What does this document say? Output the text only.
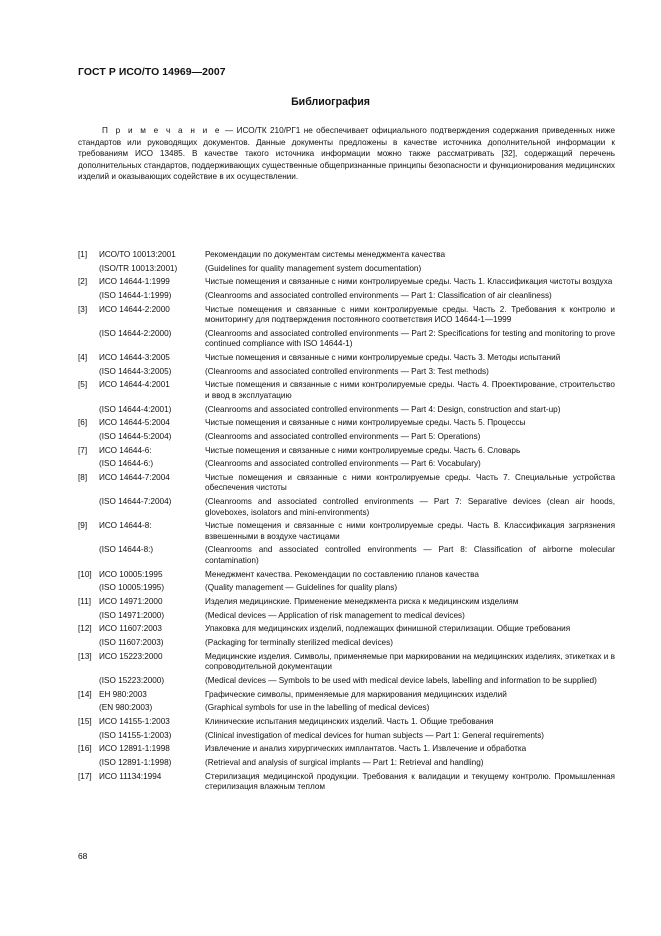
ГОСТ Р ИСО/ТО 14969—2007
Библиография
П р и м е ч а н и е — ИСО/ТК 210/РГ1 не обеспечивает официального подтверждения содержания приведенных ниже стандартов или руководящих документов. Данные документы предложены в качестве источника дополнительной информации к требованиям ИСО 13485. В качестве такого источника информации можно также рассматривать [32], содержащий перечень дополнительных стандартов, поддерживающих существенные общепризнанные принципы безопасности и функционирования медицинских изделий и оказывающих содействие в их осуществлении.
[1]	ИСО/ТО 10013:2001	Рекомендации по документам системы менеджмента качества
(ISO/TR 10013:2001)	(Guidelines for quality management system documentation)
[2]	ИСО 14644-1:1999	Чистые помещения и связанные с ними контролируемые среды. Часть 1. Классификация чистоты воздуха
(ISO 14644-1:1999)	(Cleanrooms and associated controlled environments — Part 1: Classification of air cleanliness)
[3]	ИСО 14644-2:2000	Чистые помещения и связанные с ними контролируемые среды. Часть 2. Требования к контролю и мониторингу для подтверждения постоянного соответствия ИСО 14644-1—1999
(ISO 14644-2:2000)	(Cleanrooms and associated controlled environments — Part 2: Specifications for testing and monitoring to prove continued compliance with ISO 14644-1)
[4]	ИСО 14644-3:2005	Чистые помещения и связанные с ними контролируемые среды. Часть 3. Методы испытаний
(ISO 14644-3:2005)	(Cleanrooms and associated controlled environments — Part 3: Test methods)
[5]	ИСО 14644-4:2001	Чистые помещения и связанные с ними контролируемые среды. Часть 4. Проектирование, строительство и ввод в эксплуатацию
(ISO 14644-4:2001)	(Cleanrooms and associated controlled environments — Part 4: Design, construction and start-up)
[6]	ИСО 14644-5:2004	Чистые помещения и связанные с ними контролируемые среды. Часть 5. Процессы
(ISO 14644-5:2004)	(Cleanrooms and associated controlled environments — Part 5: Operations)
[7]	ИСО 14644-6:	Чистые помещения и связанные с ними контролируемые среды. Часть 6. Словарь
(ISO 14644-6:)	(Cleanrooms and associated controlled environments — Part 6: Vocabulary)
[8]	ИСО 14644-7:2004	Чистые помещения и связанные с ними контролируемые среды. Часть 7. Специальные устройства обеспечения чистоты
(ISO 14644-7:2004)	(Cleanrooms and associated controlled environments — Part 7: Separative devices (clean air hoods, gloveboxes, isolators and mini-environments)
[9]	ИСО 14644-8:	Чистые помещения и связанные с ними контролируемые среды. Часть 8. Классификация загрязнения взвешенными в воздухе частицами
(ISO 14644-8:)	(Cleanrooms and associated controlled environments — Part 8: Classification of airborne molecular contamination)
[10] ИСО 10005:1995	Менеджмент качества. Рекомендации по составлению планов качества
(ISO 10005:1995)	(Quality management — Guidelines for quality plans)
[11] ИСО 14971:2000	Изделия медицинские. Применение менеджмента риска к медицинским изделиям
(ISO 14971:2000)	(Medical devices — Application of risk management to medical devices)
[12] ИСО 11607:2003	Упаковка для медицинских изделий, подлежащих финишной стерилизации. Общие требования
(ISO 11607:2003)	(Packaging for terminally sterilized medical devices)
[13] ИСО 15223:2000	Медицинские изделия. Символы, применяемые при маркировании на медицинских изделиях, этикетках и в сопроводительной документации
(ISO 15223:2000)	(Medical devices — Symbols to be used with medical device labels, labelling and information to be supplied)
[14] ЕН 980:2003	Графические символы, применяемые для маркирования медицинских изделий
(EN 980:2003)	(Graphical symbols for use in the labelling of medical devices)
[15] ИСО 14155-1:2003	Клинические испытания медицинских изделий. Часть 1. Общие требования
(ISO 14155-1:2003)	(Clinical investigation of medical devices for human subjects — Part 1: General requirements)
[16] ИСО 12891-1:1998	Извлечение и анализ хирургических имплантатов. Часть 1. Извлечение и обработка
(ISO 12891-1:1998)	(Retrieval and analysis of surgical implants — Part 1: Retrieval and handling)
[17] ИСО 11134:1994	Стерилизация медицинской продукции. Требования к валидации и текущему контролю. Промышленная стерилизация влажным теплом
68
